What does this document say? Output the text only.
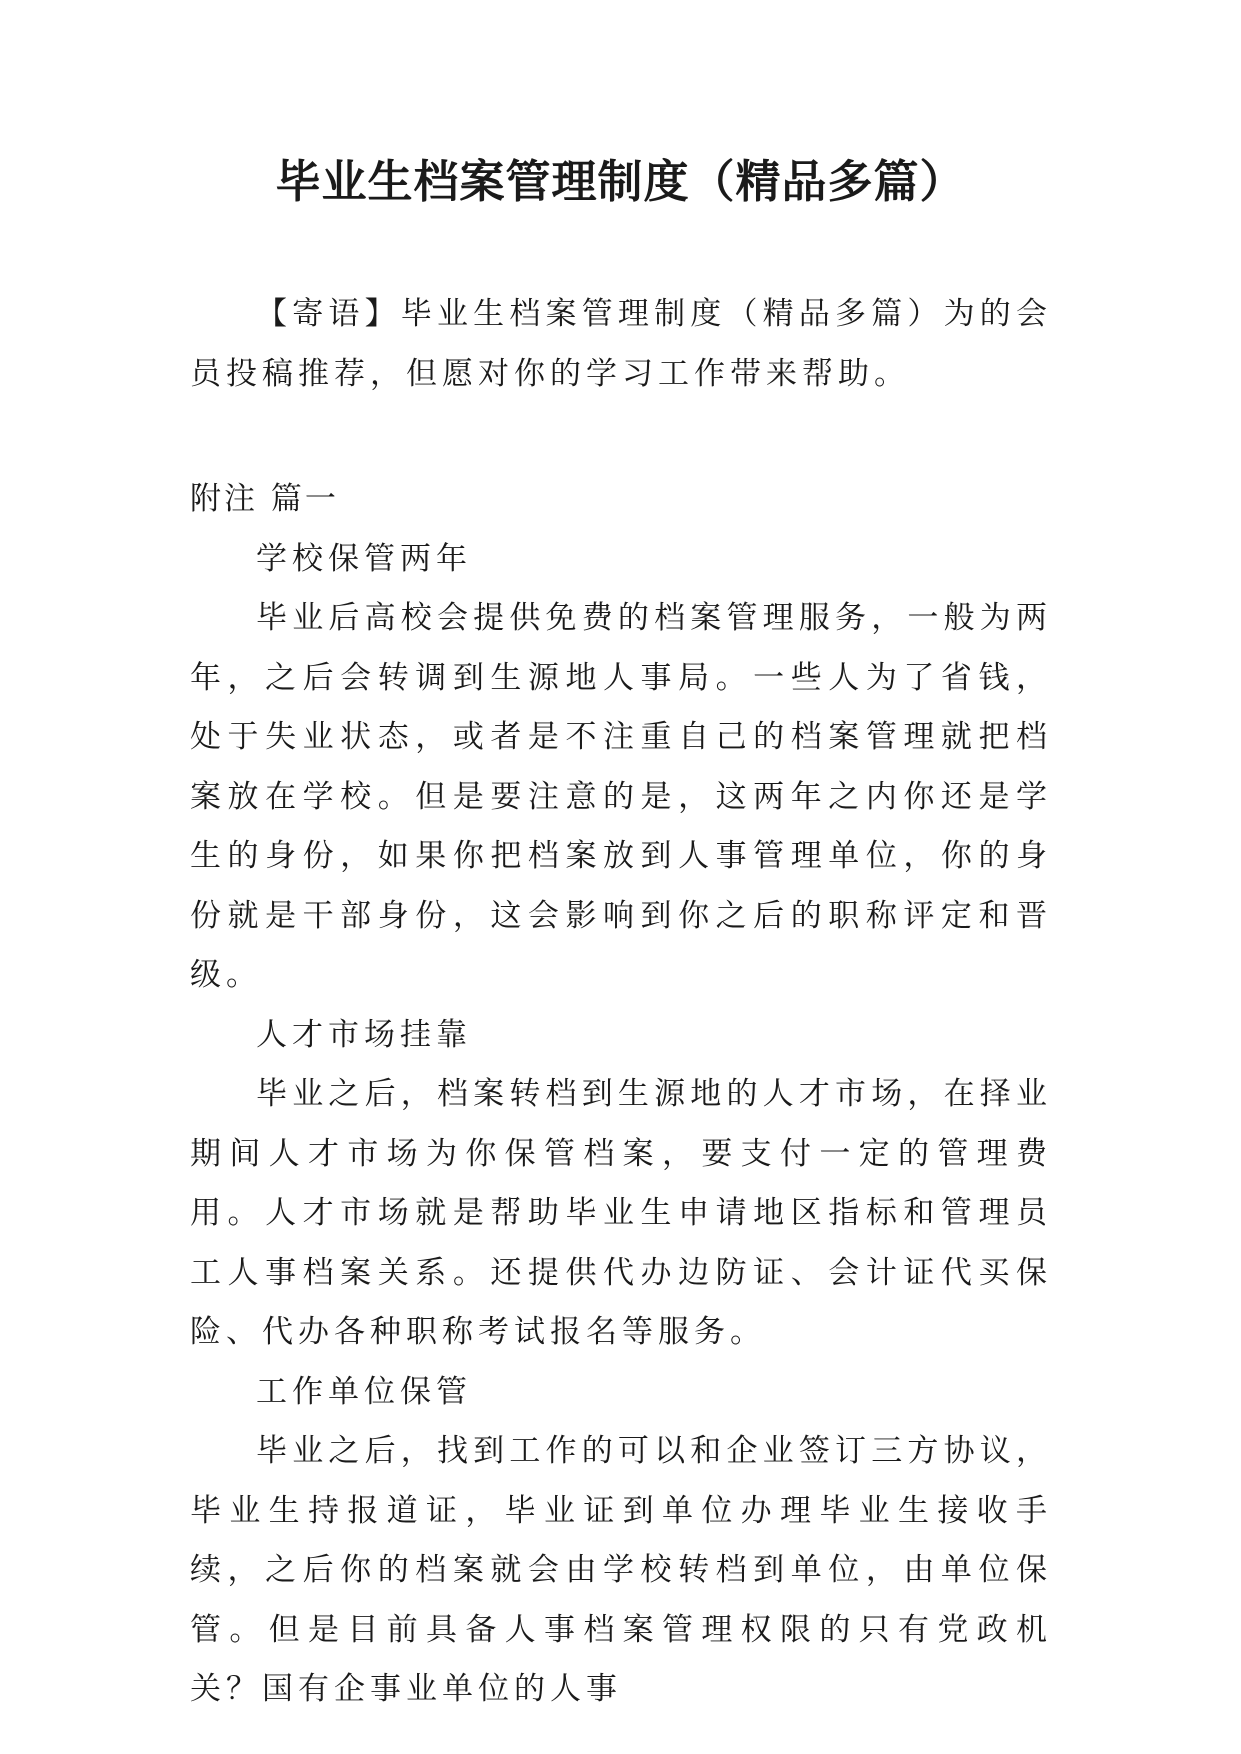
毕业生档案管理制度（精品多篇）

【寄语】毕业生档案管理制度（精品多篇）为的会员投稿推荐，但愿对你的学习工作带来帮助。

附注 篇一

学校保管两年

毕业后高校会提供免费的档案管理服务，一般为两年，之后会转调到生源地人事局。一些人为了省钱，处于失业状态，或者是不注重自己的档案管理就把档案放在学校。但是要注意的是，这两年之内你还是学生的身份，如果你把档案放到人事管理单位，你的身份就是干部身份，这会影响到你之后的职称评定和晋级。

人才市场挂靠

毕业之后，档案转档到生源地的人才市场，在择业期间人才市场为你保管档案，要支付一定的管理费用。人才市场就是帮助毕业生申请地区指标和管理员工人事档案关系。还提供代办边防证、会计证代买保险、代办各种职称考试报名等服务。

工作单位保管

毕业之后，找到工作的可以和企业签订三方协议，毕业生持报道证，毕业证到单位办理毕业生接收手续，之后你的档案就会由学校转档到单位，由单位保管。但是目前具备人事档案管理权限的只有党政机关？国有企事业单位的人事
